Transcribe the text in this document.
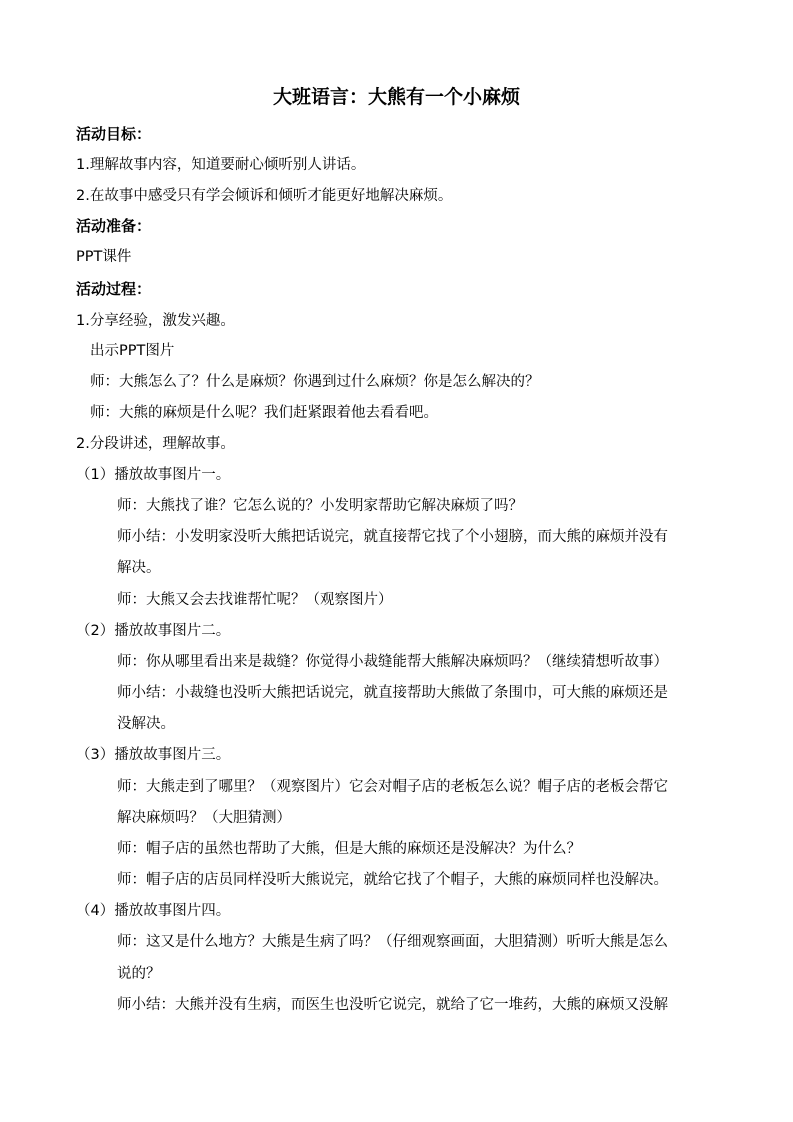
大班语言：大熊有一个小麻烦
活动目标：
1.理解故事内容，知道要耐心倾听别人讲话。
2.在故事中感受只有学会倾诉和倾听才能更好地解决麻烦。
活动准备：
PPT课件
活动过程：
1.分享经验，激发兴趣。
出示PPT图片
师：大熊怎么了？什么是麻烦？你遇到过什么麻烦？你是怎么解决的？
师：大熊的麻烦是什么呢？我们赶紧跟着他去看看吧。
2.分段讲述，理解故事。
（1）播放故事图片一。
师：大熊找了谁？它怎么说的？小发明家帮助它解决麻烦了吗？
师小结：小发明家没听大熊把话说完，就直接帮它找了个小翅膀，而大熊的麻烦并没有
解决。
师：大熊又会去找谁帮忙呢？（观察图片）
（2）播放故事图片二。
师：你从哪里看出来是裁缝？你觉得小裁缝能帮大熊解决麻烦吗？（继续猜想听故事）
师小结：小裁缝也没听大熊把话说完，就直接帮助大熊做了条围巾，可大熊的麻烦还是
没解决。
（3）播放故事图片三。
师：大熊走到了哪里？（观察图片）它会对帽子店的老板怎么说？帽子店的老板会帮它
解决麻烦吗？（大胆猜测）
师：帽子店的虽然也帮助了大熊，但是大熊的麻烦还是没解决？为什么？
师：帽子店的店员同样没听大熊说完，就给它找了个帽子，大熊的麻烦同样也没解决。
（4）播放故事图片四。
师：这又是什么地方？大熊是生病了吗？（仔细观察画面，大胆猜测）听听大熊是怎么
说的？
师小结：大熊并没有生病，而医生也没听它说完，就给了它一堆药，大熊的麻烦又没解
